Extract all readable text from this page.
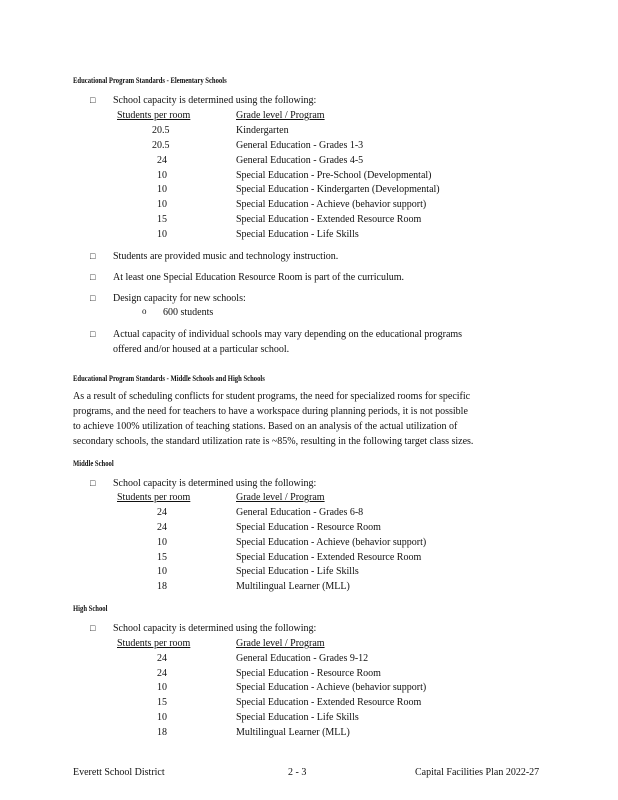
Educational Program Standards - Elementary Schools
□ School capacity is determined using the following:
Students per room	Grade level / Program
20.5	Kindergarten
20.5	General Education - Grades 1-3
24	General Education - Grades 4-5
10	Special Education - Pre-School (Developmental)
10	Special Education - Kindergarten (Developmental)
10	Special Education - Achieve (behavior support)
15	Special Education - Extended Resource Room
10	Special Education - Life Skills
□ Students are provided music and technology instruction.
□ At least one Special Education Resource Room is part of the curriculum.
□ Design capacity for new schools:
o 600 students
□ Actual capacity of individual schools may vary depending on the educational programs
offered and/or housed at a particular school.
Educational Program Standards - Middle Schools and High Schools
As a result of scheduling conflicts for student programs, the need for specialized rooms for specific
programs, and the need for teachers to have a workspace during planning periods, it is not possible
to achieve 100% utilization of teaching stations. Based on an analysis of the actual utilization of
secondary schools, the standard utilization rate is ~85%, resulting in the following target class sizes.
Middle School
□ School capacity is determined using the following:
Students per room	Grade level / Program
24	General Education - Grades 6-8
24	Special Education - Resource Room
10	Special Education - Achieve (behavior support)
15	Special Education - Extended Resource Room
10	Special Education - Life Skills
18	Multilingual Learner (MLL)
High School
□ School capacity is determined using the following:
Students per room	Grade level / Program
24	General Education - Grades 9-12
24	Special Education - Resource Room
10	Special Education - Achieve (behavior support)
15	Special Education - Extended Resource Room
10	Special Education - Life Skills
18	Multilingual Learner (MLL)
Everett School District	2 - 3	Capital Facilities Plan 2022-27
